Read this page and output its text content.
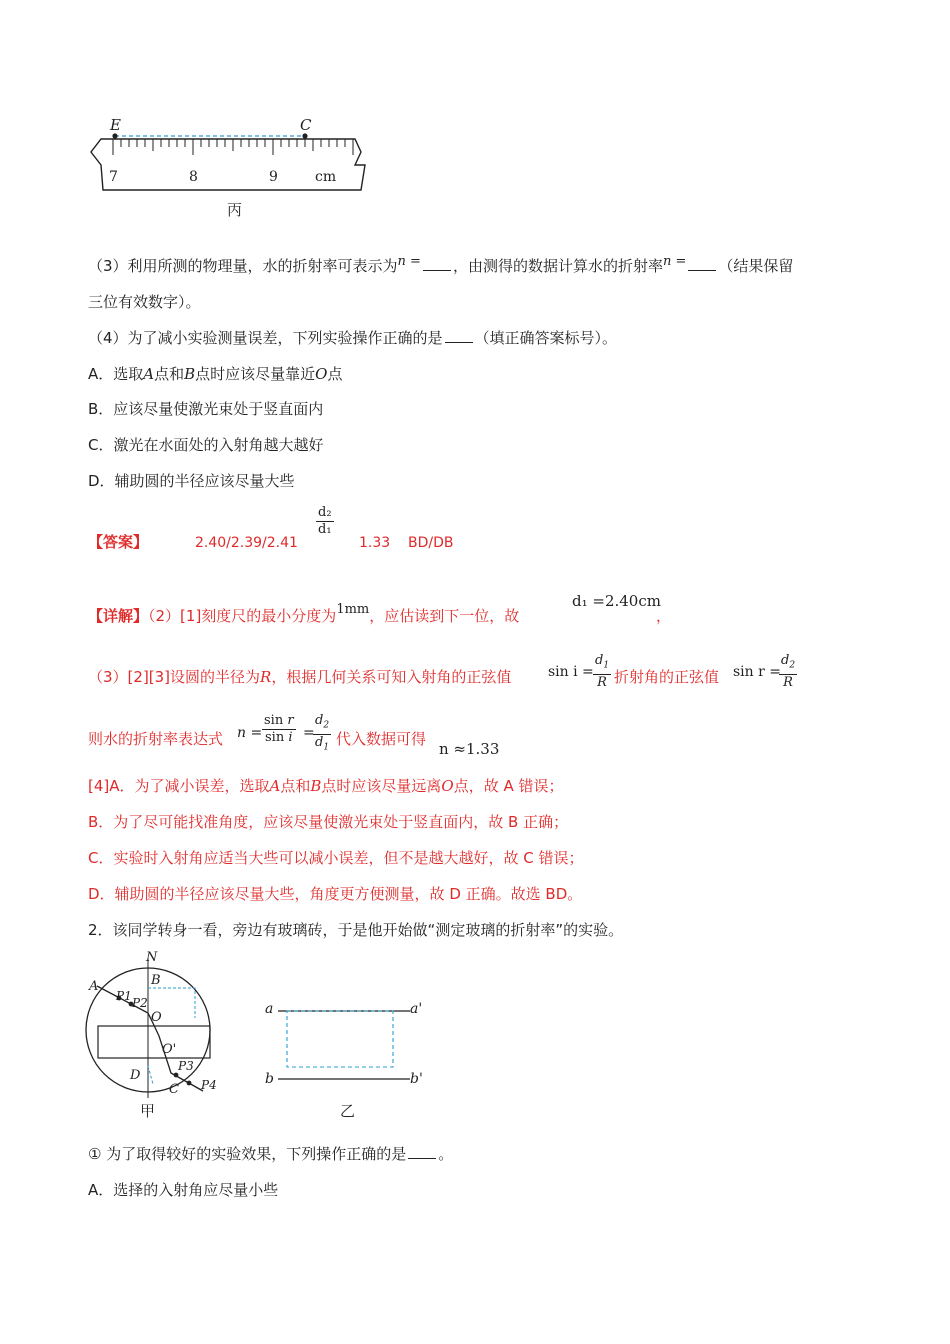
E	C
7	8	9	cm
丙
（3）利用所测的物理量，水的折射率可表示为n = ，由测得的数据计算水的折射率n = （结果保留
三位有效数字）。
（4）为了减小实验测量误差，下列实验操作正确的是 （填正确答案标号）。
A．选取A点和B点时应该尽量靠近O点
B．应该尽量使激光束处于竖直面内
C．激光在水面处的入射角越大越好
D．辅助圆的半径应该尽量大些
【答案】	2.40/2.39/2.41
$\frac{\text{d₂}}{\text{d₁}}$
1.33 BD/DB
【详解】（2）[1]刻度尺的最小分度为1mm，应估读到下一位，故
d₁ =2.40cm
，
（3）[2][3]设圆的半径为R，根据几何关系可知入射角的正弦值	$\sin i = \frac{d_1}{R}$ 折射角的正弦值 sin r =
$\frac{d_2}{R}$
则水的折射率表达式 $n = \frac{\text{sin r}}{\text{sin i}}$ =
$\frac{d_2}{d_1}$ 代入数据可得
n ≈1.33
[4]A．为了减小误差，选取A点和B点时应该尽量远离O点，故 A 错误；
B．为了尽可能找准角度，应该尽量使激光束处于竖直面内，故 B 正确；
C．实验时入射角应适当大些可以减小误差，但不是越大越好，故 C 错误；
D．辅助圆的半径应该尽量大些，角度更方便测量，故 D 正确。故选 BD。
2．该同学转身一看，旁边有玻璃砖，于是他开始做“测定玻璃的折射率”的实验。
N
A	B
P1 P2
O
O'
P3
D
C P4
甲
a	a'
b	b'
乙
① 为了取得较好的实验效果，下列操作正确的是 。
A．选择的入射角应尽量小些
